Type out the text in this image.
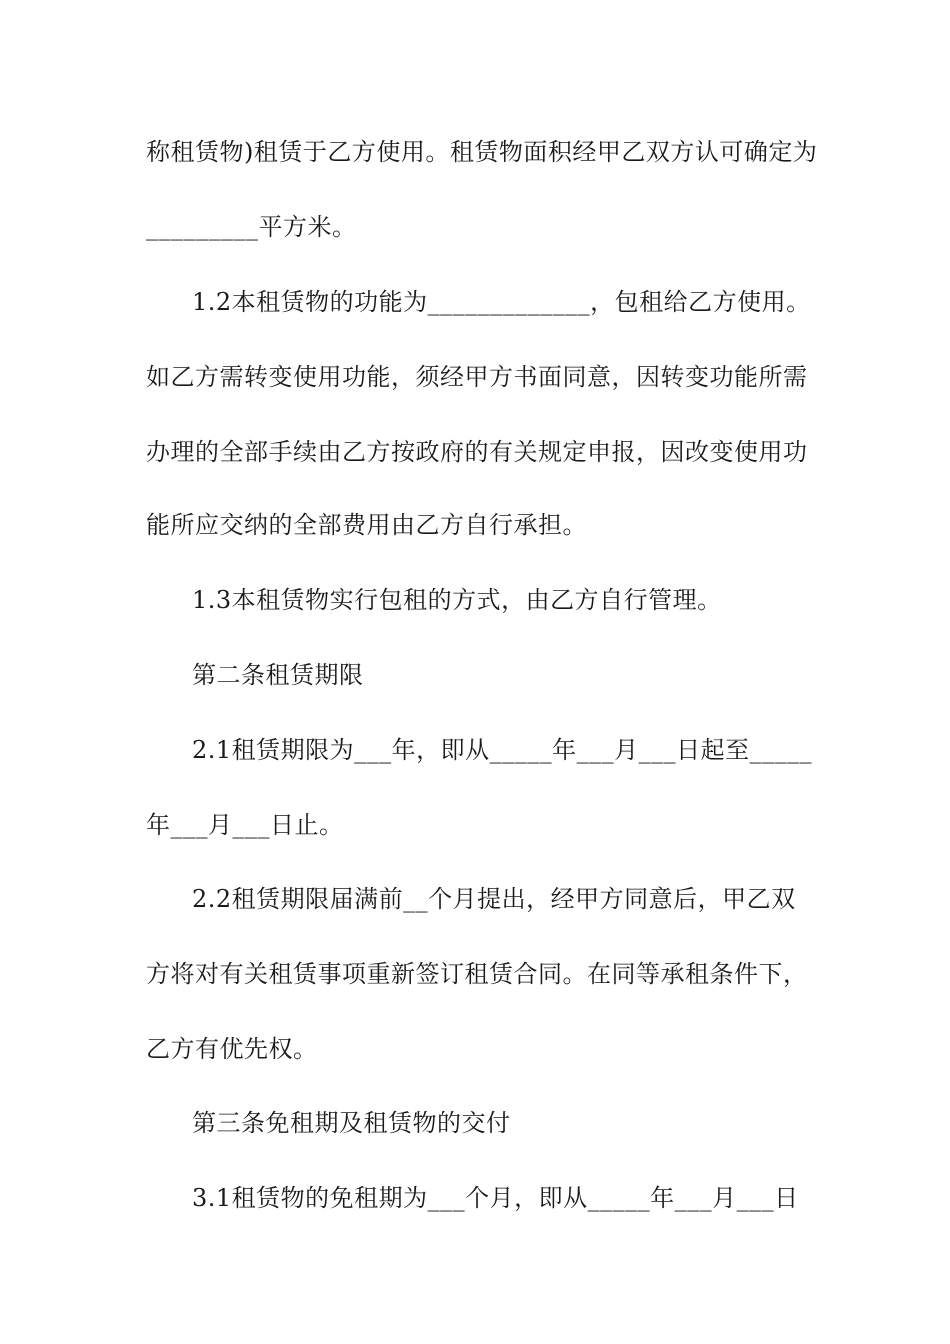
称租赁物)租赁于乙方使用。租赁物面积经甲乙双方认可确定为
_________平方米。
1.2本租赁物的功能为_____________，包租给乙方使用。
如乙方需转变使用功能，须经甲方书面同意，因转变功能所需
办理的全部手续由乙方按政府的有关规定申报，因改变使用功
能所应交纳的全部费用由乙方自行承担。
1.3本租赁物实行包租的方式，由乙方自行管理。
第二条租赁期限
2.1租赁期限为___年，即从_____年___月___日起至_____
年___月___日止。
2.2租赁期限届满前__个月提出，经甲方同意后，甲乙双
方将对有关租赁事项重新签订租赁合同。在同等承租条件下，
乙方有优先权。
第三条免租期及租赁物的交付
3.1租赁物的免租期为___个月，即从_____年___月___日
